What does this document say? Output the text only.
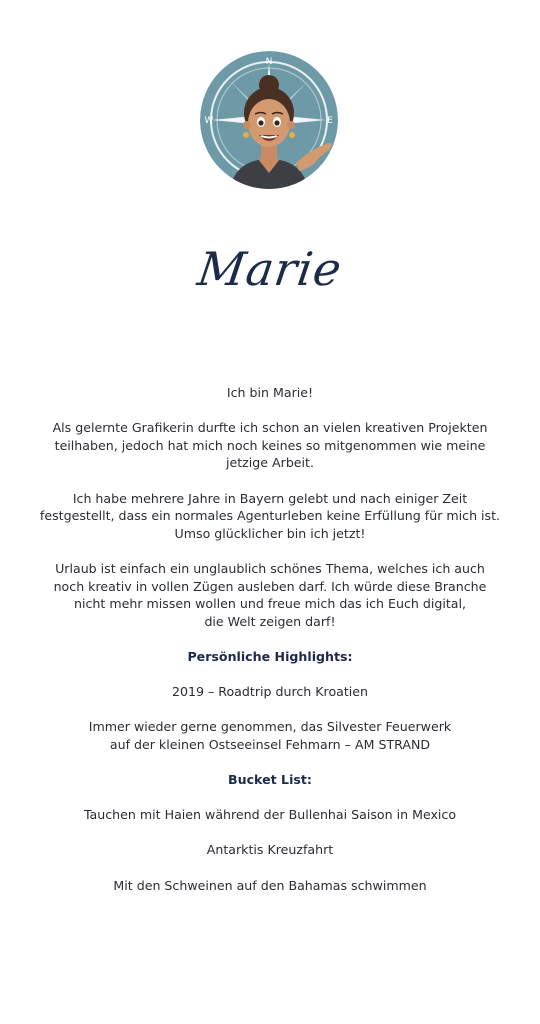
N
E
W
Marie

Ich bin Marie!

Als gelernte Grafikerin durfte ich schon an vielen kreativen Projekten

teilhaben, jedoch hat mich noch keines so mitgenommen wie meine

jetzige Arbeit.

Ich habe mehrere Jahre in Bayern gelebt und nach einiger Zeit

festgestellt, dass ein normales Agenturleben keine Erfüllung für mich ist.

Umso glücklicher bin ich jetzt!

Urlaub ist einfach ein unglaublich schönes Thema, welches ich auch

noch kreativ in vollen Zügen ausleben darf. Ich würde diese Branche

nicht mehr missen wollen und freue mich das ich Euch digital,

die Welt zeigen darf!

Persönliche Highlights:

2019 – Roadtrip durch Kroatien

Immer wieder gerne genommen, das Silvester Feuerwerk

auf der kleinen Ostseeinsel Fehmarn – AM STRAND

Bucket List:

Tauchen mit Haien während der Bullenhai Saison in Mexico

Antarktis Kreuzfahrt

Mit den Schweinen auf den Bahamas schwimmen
